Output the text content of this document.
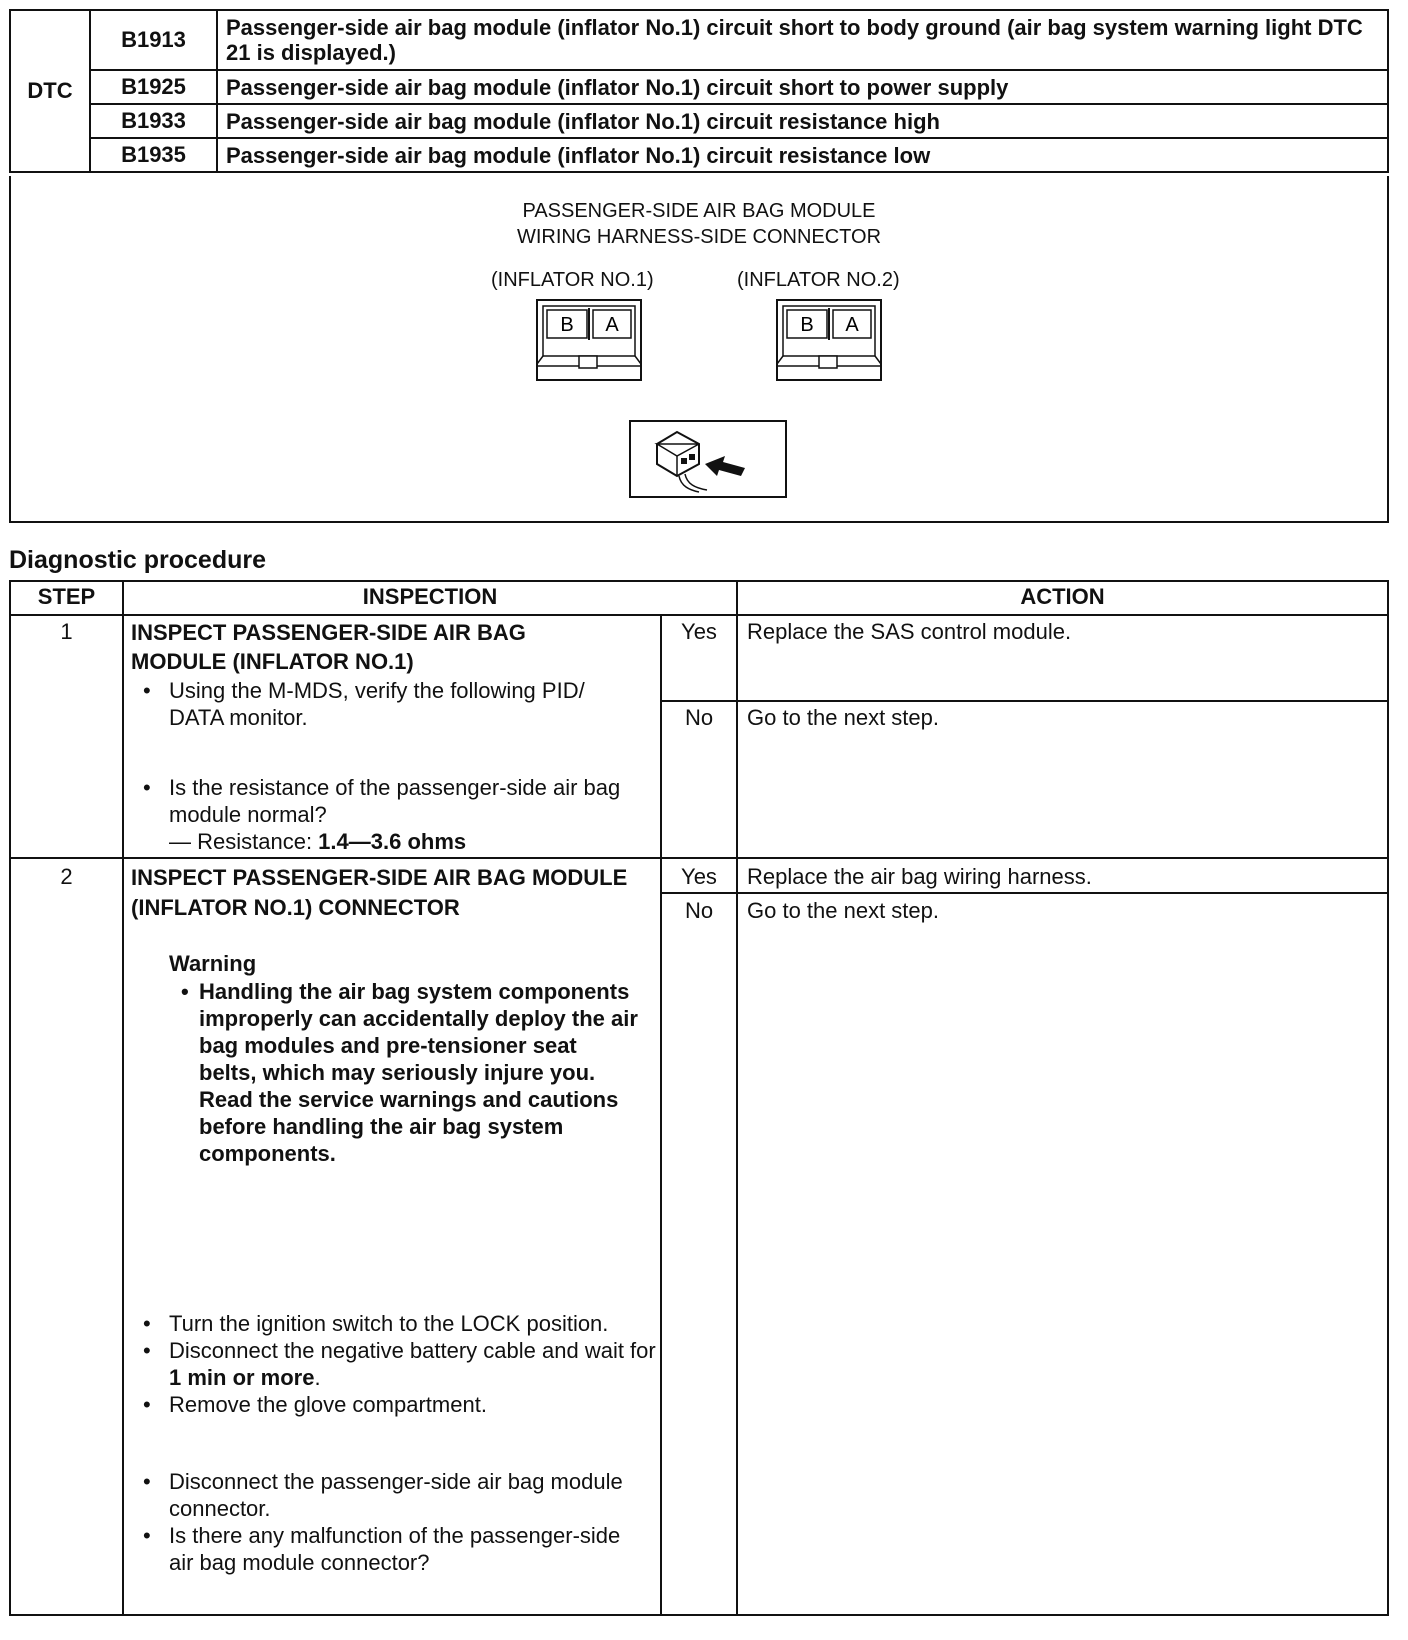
DTC	B1913	Passenger-side air bag module (inflator No.1) circuit short to body ground (air bag system warning light DTC 21 is displayed.)
	B1925	Passenger-side air bag module (inflator No.1) circuit short to power supply
	B1933	Passenger-side air bag module (inflator No.1) circuit resistance high
	B1935	Passenger-side air bag module (inflator No.1) circuit resistance low
PASSENGER-SIDE AIR BAG MODULE
WIRING HARNESS-SIDE CONNECTOR
(INFLATOR NO.1)	(INFLATOR NO.2)
B A	B A
Diagnostic procedure
STEP	INSPECTION	ACTION
1	INSPECT PASSENGER-SIDE AIR BAG MODULE (INFLATOR NO.1)
• Using the M-MDS, verify the following PID/ DATA monitor.
• Is the resistance of the passenger-side air bag module normal?
— Resistance: 1.4—3.6 ohms
Yes	Replace the SAS control module.
No	Go to the next step.
2	INSPECT PASSENGER-SIDE AIR BAG MODULE (INFLATOR NO.1) CONNECTOR
Warning
• Handling the air bag system components improperly can accidentally deploy the air bag modules and pre-tensioner seat belts, which may seriously injure you. Read the service warnings and cautions before handling the air bag system components.
• Turn the ignition switch to the LOCK position.
• Disconnect the negative battery cable and wait for 1 min or more.
• Remove the glove compartment.
• Disconnect the passenger-side air bag module connector.
• Is there any malfunction of the passenger-side air bag module connector?
Yes	Replace the air bag wiring harness.
No	Go to the next step.
